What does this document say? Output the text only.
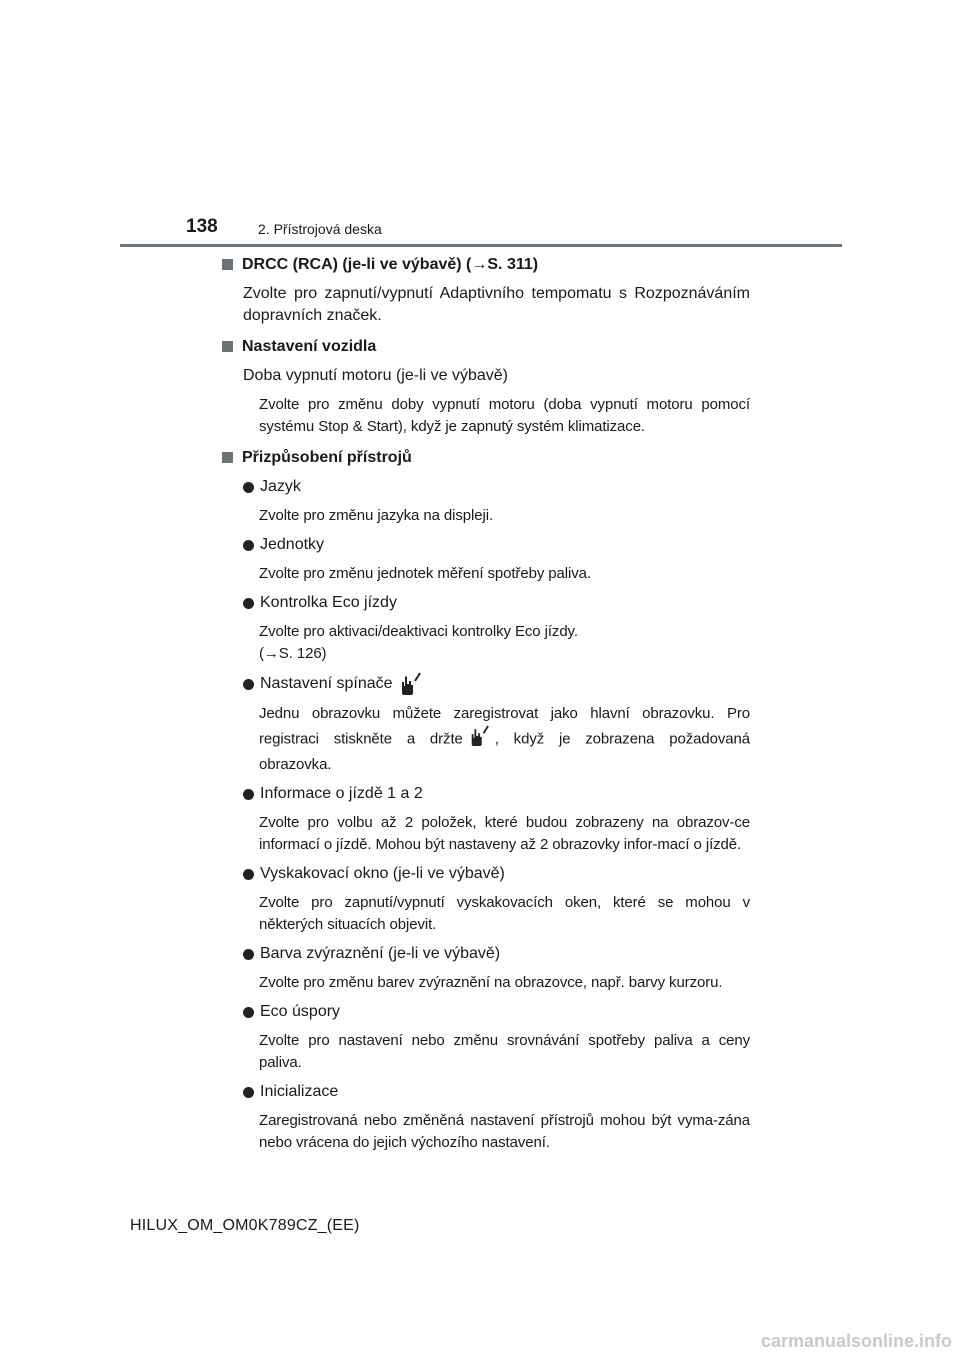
138	2. Přístrojová deska
DRCC (RCA) (je-li ve výbavě) (→S. 311)
Zvolte pro zapnutí/vypnutí Adaptivního tempomatu s Rozpoznáváním dopravních značek.
Nastavení vozidla
Doba vypnutí motoru (je-li ve výbavě)
Zvolte pro změnu doby vypnutí motoru (doba vypnutí motoru pomocí systému Stop & Start), když je zapnutý systém klimatizace.
Přizpůsobení přístrojů
Jazyk
Zvolte pro změnu jazyka na displeji.
Jednotky
Zvolte pro změnu jednotek měření spotřeby paliva.
Kontrolka Eco jízdy
Zvolte pro aktivaci/deaktivaci kontrolky Eco jízdy.
(→S. 126)
Nastavení spínače
Jednu obrazovku můžete zaregistrovat jako hlavní obrazovku. Pro registraci stiskněte a držte , když je zobrazena požadovaná obrazovka.
Informace o jízdě 1 a 2
Zvolte pro volbu až 2 položek, které budou zobrazeny na obrazov-ce informací o jízdě. Mohou být nastaveny až 2 obrazovky infor-mací o jízdě.
Vyskakovací okno (je-li ve výbavě)
Zvolte pro zapnutí/vypnutí vyskakovacích oken, které se mohou v některých situacích objevit.
Barva zvýraznění (je-li ve výbavě)
Zvolte pro změnu barev zvýraznění na obrazovce, např. barvy kurzoru.
Eco úspory
Zvolte pro nastavení nebo změnu srovnávání spotřeby paliva a ceny paliva.
Inicializace
Zaregistrovaná nebo změněná nastavení přístrojů mohou být vyma-zána nebo vrácena do jejich výchozího nastavení.
HILUX_OM_OM0K789CZ_(EE)
carmanualsonline.info
